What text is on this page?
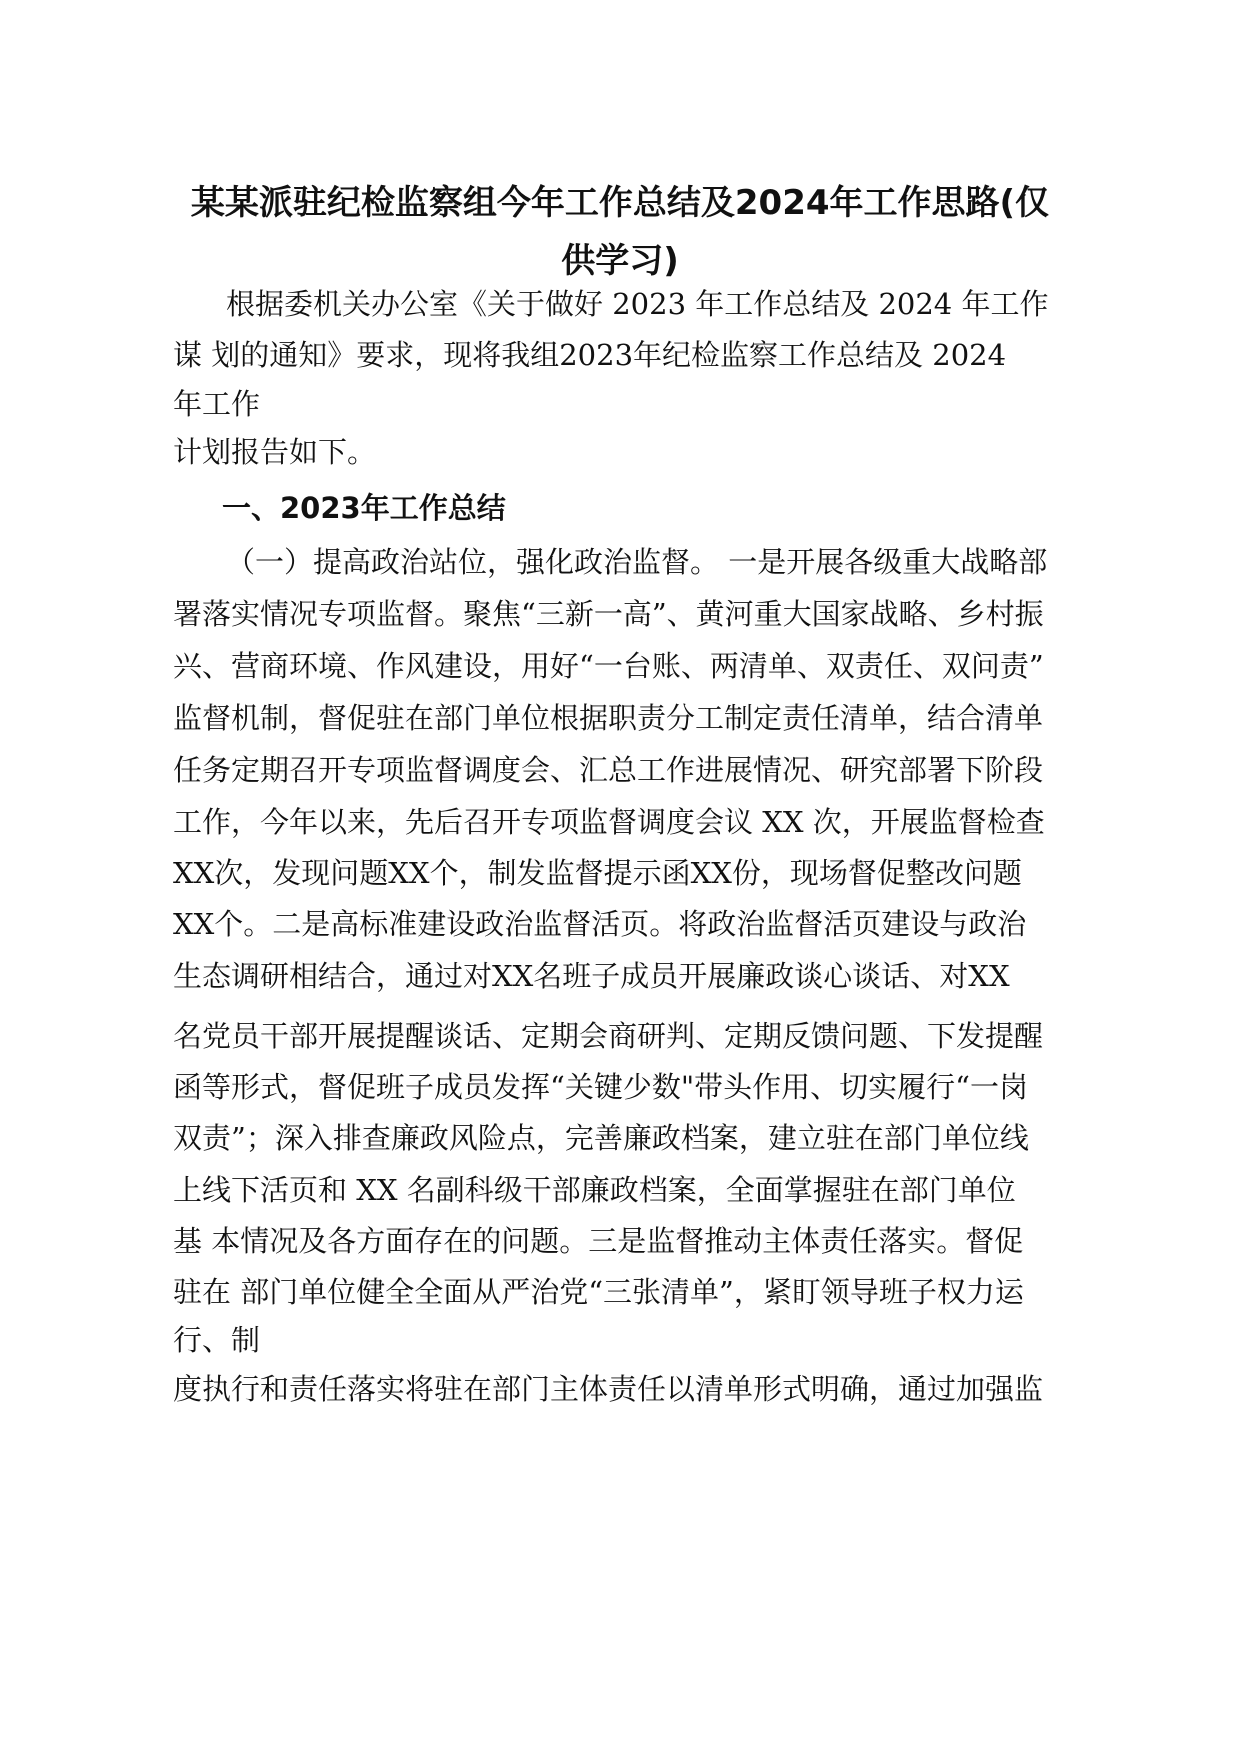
某某派驻纪检监察组今年工作总结及2024年工作思路(仅
供学习)
根据委机关办公室《关于做好 2023 年工作总结及 2024 年工作
谋 划的通知》要求，现将我组2023年纪检监察工作总结及 2024
年工作
计划报告如下。
一、2023年工作总结
（一）提高政治站位，强化政治监督。 一是开展各级重大战略部
署落实情况专项监督。聚焦“三新一高”、黄河重大国家战略、乡村振
兴、营商环境、作风建设，用好“一台账、两清单、双责任、双问责”
监督机制，督促驻在部门单位根据职责分工制定责任清单，结合清单
任务定期召开专项监督调度会、汇总工作进展情况、研究部署下阶段
工作，今年以来，先后召开专项监督调度会议 XX 次，开展监督检查
XX次，发现问题XX个，制发监督提示函XX份，现场督促整改问题
XX个。二是高标准建设政治监督活页。将政治监督活页建设与政治
生态调研相结合，通过对XX名班子成员开展廉政谈心谈话、对XX
名党员干部开展提醒谈话、定期会商研判、定期反馈问题、下发提醒
函等形式，督促班子成员发挥“关键少数"带头作用、切实履行“一岗
双责”；深入排查廉政风险点，完善廉政档案，建立驻在部门单位线
上线下活页和 XX 名副科级干部廉政档案，全面掌握驻在部门单位
基 本情况及各方面存在的问题。三是监督推动主体责任落实。督促
驻在 部门单位健全全面从严治党“三张清单”，紧盯领导班子权力运
行、制
度执行和责任落实将驻在部门主体责任以清单形式明确，通过加强监
